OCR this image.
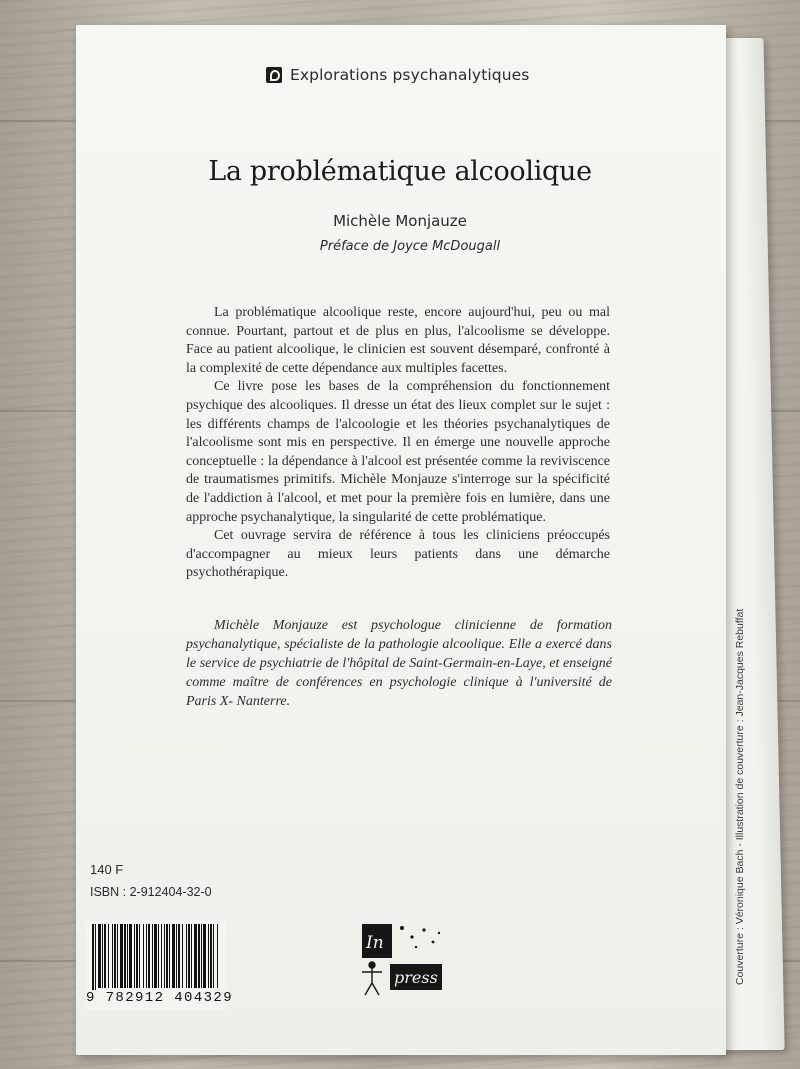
Couverture : Véronique Bach - Illustration de couverture : Jean-Jacques Rebuffat
Explorations psychanalytiques
La problématique alcoolique
Michèle Monjauze
Préface de Joyce McDougall

La problématique alcoolique reste, encore aujourd'hui, peu ou mal connue. Pourtant, partout et de plus en plus, l'alcoolisme se développe. Face au patient alcoolique, le clinicien est souvent désemparé, confronté à la complexité de cette dépendance aux multiples facettes.

Ce livre pose les bases de la compréhension du fonctionnement psychique des alcooliques. Il dresse un état des lieux complet sur le sujet : les différents champs de l'alcoologie et les théories psychanalytiques de l'alcoolisme sont mis en perspective. Il en émerge une nouvelle approche conceptuelle : la dépendance à l'alcool est présentée comme la reviviscence de traumatismes primitifs. Michèle Monjauze s'interroge sur la spécificité de l'addiction à l'alcool, et met pour la première fois en lumière, dans une approche psychanalytique, la singularité de cette problématique.

Cet ouvrage servira de référence à tous les cliniciens préoccupés d'accompagner au mieux leurs patients dans une démarche psychothérapique.

Michèle Monjauze est psychologue clinicienne de formation psychanalytique, spécialiste de la pathologie alcoolique. Elle a exercé dans le service de psychiatrie de l'hôpital de Saint-Germain-en-Laye, et enseigné comme maître de conférences en psychologie clinique à l'université de Paris X- Nanterre.
140 F
ISBN : 2-912404-32-0
9 782912 404329
In
press
